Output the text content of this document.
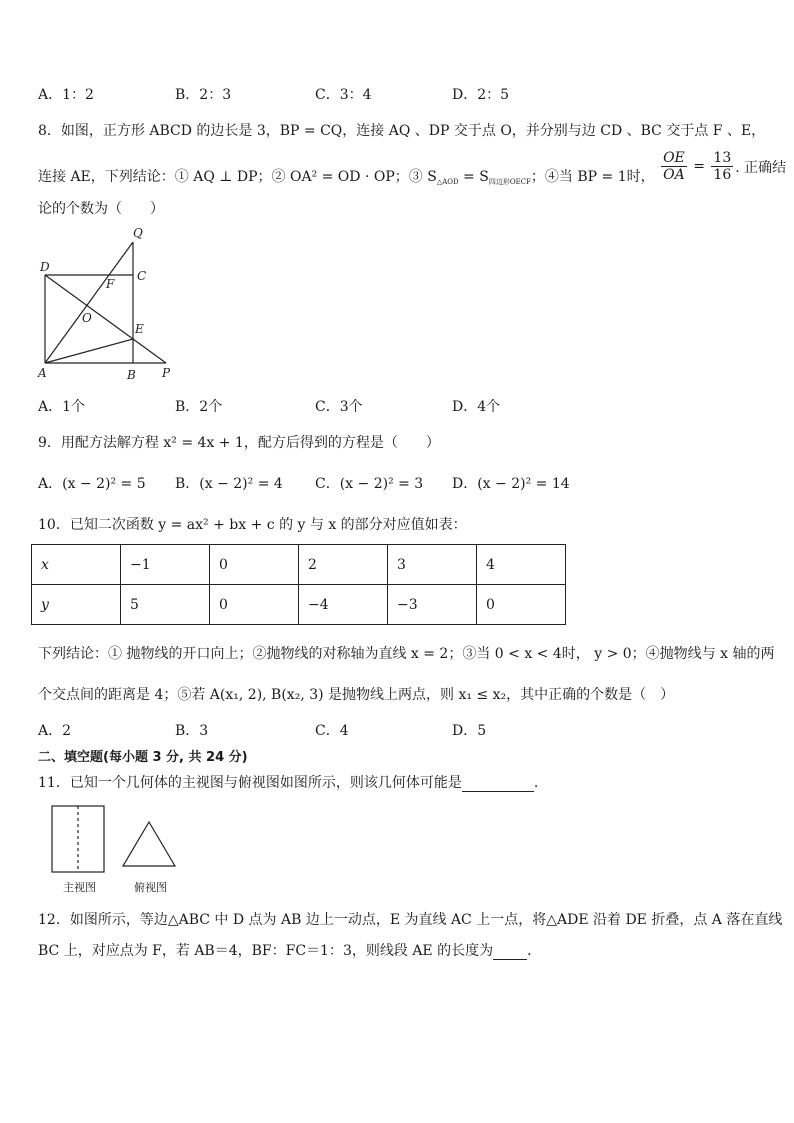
A．1：2	B．2：3	C．3：4	D．2：5
8．如图，正方形 ABCD 的边长是 3，BP = CQ，连接 AQ 、DP 交于点 O，并分别与边 CD 、BC 交于点 F 、E，
连接 AE，下列结论：① AQ ⊥ DP；② OA² = OD · OP；③ $S_{\triangle AOD} = S_{四边形OECF}$；④当 BP = 1时， $\frac{OE}{OA} = \frac{13}{16}$ . 正确结
论的个数为（　　）
Q
D
C
F
O
E
A	B P
A．1个	B．2个	C．3个	D．4个
9．用配方法解方程 x² = 4x + 1，配方后得到的方程是（　　）
A．(x − 2)² = 5 B．(x − 2)² = 4 C．(x − 2)² = 3 D．(x − 2)² = 14
10．已知二次函数 y = ax² + bx + c 的 y 与 x 的部分对应值如表：
x	−1	0	2	3	4
y	5	0	−4	−3	0
下列结论：① 抛物线的开口向上；②抛物线的对称轴为直线 x = 2；③当 0 < x < 4时， y > 0；④抛物线与 x 轴的两
个交点间的距离是 4；⑤若 A(x₁, 2), B(x₂, 3) 是抛物线上两点，则 x₁ ≤ x₂，其中正确的个数是（　）
A．2	B．3	C．4	D．5
二、填空题(每小题 3 分, 共 24 分)
11．已知一个几何体的主视图与俯视图如图所示，则该几何体可能是	.
主视图	俯视图
12．如图所示，等边△ABC 中 D 点为 AB 边上一动点，E 为直线 AC 上一点，将△ADE 沿着 DE 折叠，点 A 落在直线
BC 上，对应点为 F，若 AB＝4，BF：FC＝1：3，则线段 AE 的长度为 ．
